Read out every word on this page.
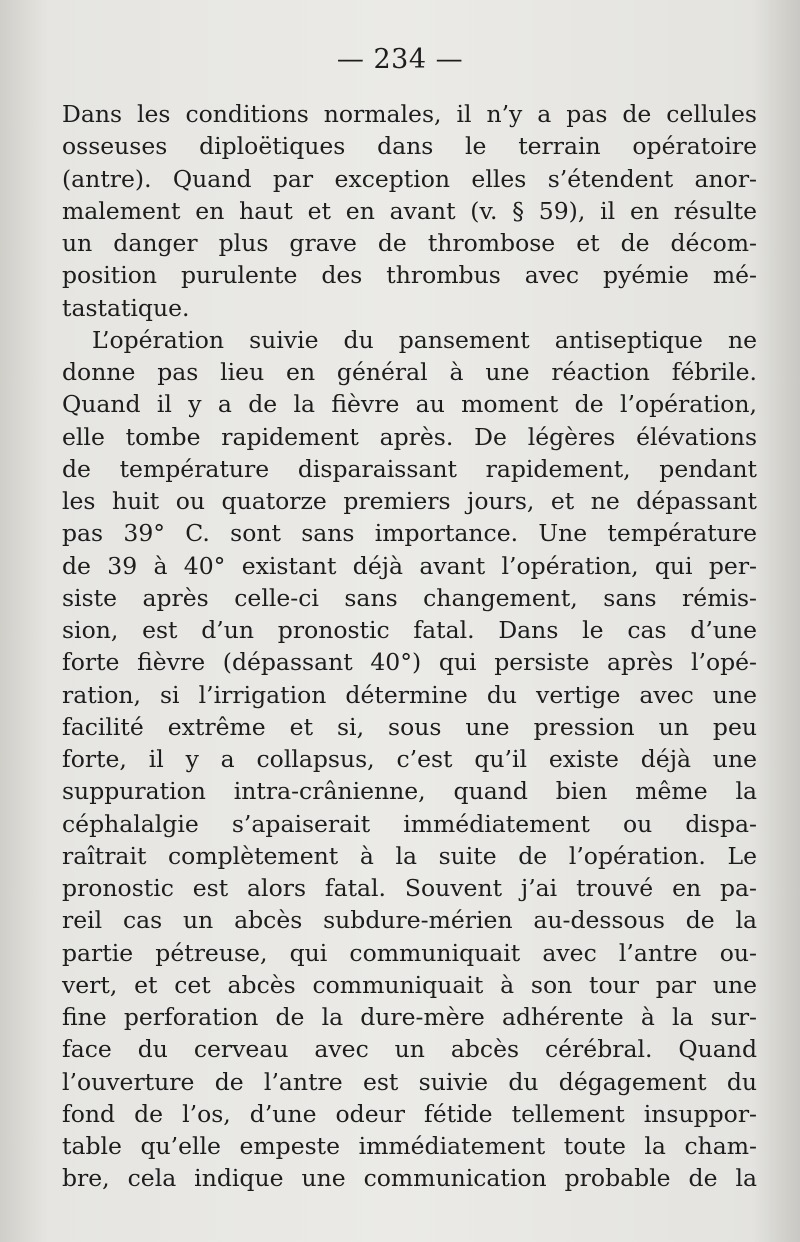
— 234 —
Dans les conditions normales, il n’y a pas de cellules
osseuses diploëtiques dans le terrain opératoire
(antre). Quand par exception elles s’étendent anor-
malement en haut et en avant (v. § 59), il en résulte
un danger plus grave de thrombose et de décom-
position purulente des thrombus avec pyémie mé-
tastatique.
L’opération suivie du pansement antiseptique ne
donne pas lieu en général à une réaction fébrile.
Quand il y a de la fièvre au moment de l’opération,
elle tombe rapidement après. De légères élévations
de température disparaissant rapidement, pendant
les huit ou quatorze premiers jours, et ne dépassant
pas 39° C. sont sans importance. Une température
de 39 à 40° existant déjà avant l’opération, qui per-
siste après celle-ci sans changement, sans rémis-
sion, est d’un pronostic fatal. Dans le cas d’une
forte fièvre (dépassant 40°) qui persiste après l’opé-
ration, si l’irrigation détermine du vertige avec une
facilité extrême et si, sous une pression un peu
forte, il y a collapsus, c’est qu’il existe déjà une
suppuration intra-crânienne, quand bien même la
céphalalgie s’apaiserait immédiatement ou dispa-
raîtrait complètement à la suite de l’opération. Le
pronostic est alors fatal. Souvent j’ai trouvé en pa-
reil cas un abcès subdure-mérien au-dessous de la
partie pétreuse, qui communiquait avec l’antre ou-
vert, et cet abcès communiquait à son tour par une
fine perforation de la dure-mère adhérente à la sur-
face du cerveau avec un abcès cérébral. Quand
l’ouverture de l’antre est suivie du dégagement du
fond de l’os, d’une odeur fétide tellement insuppor-
table qu’elle empeste immédiatement toute la cham-
bre, cela indique une communication probable de la
